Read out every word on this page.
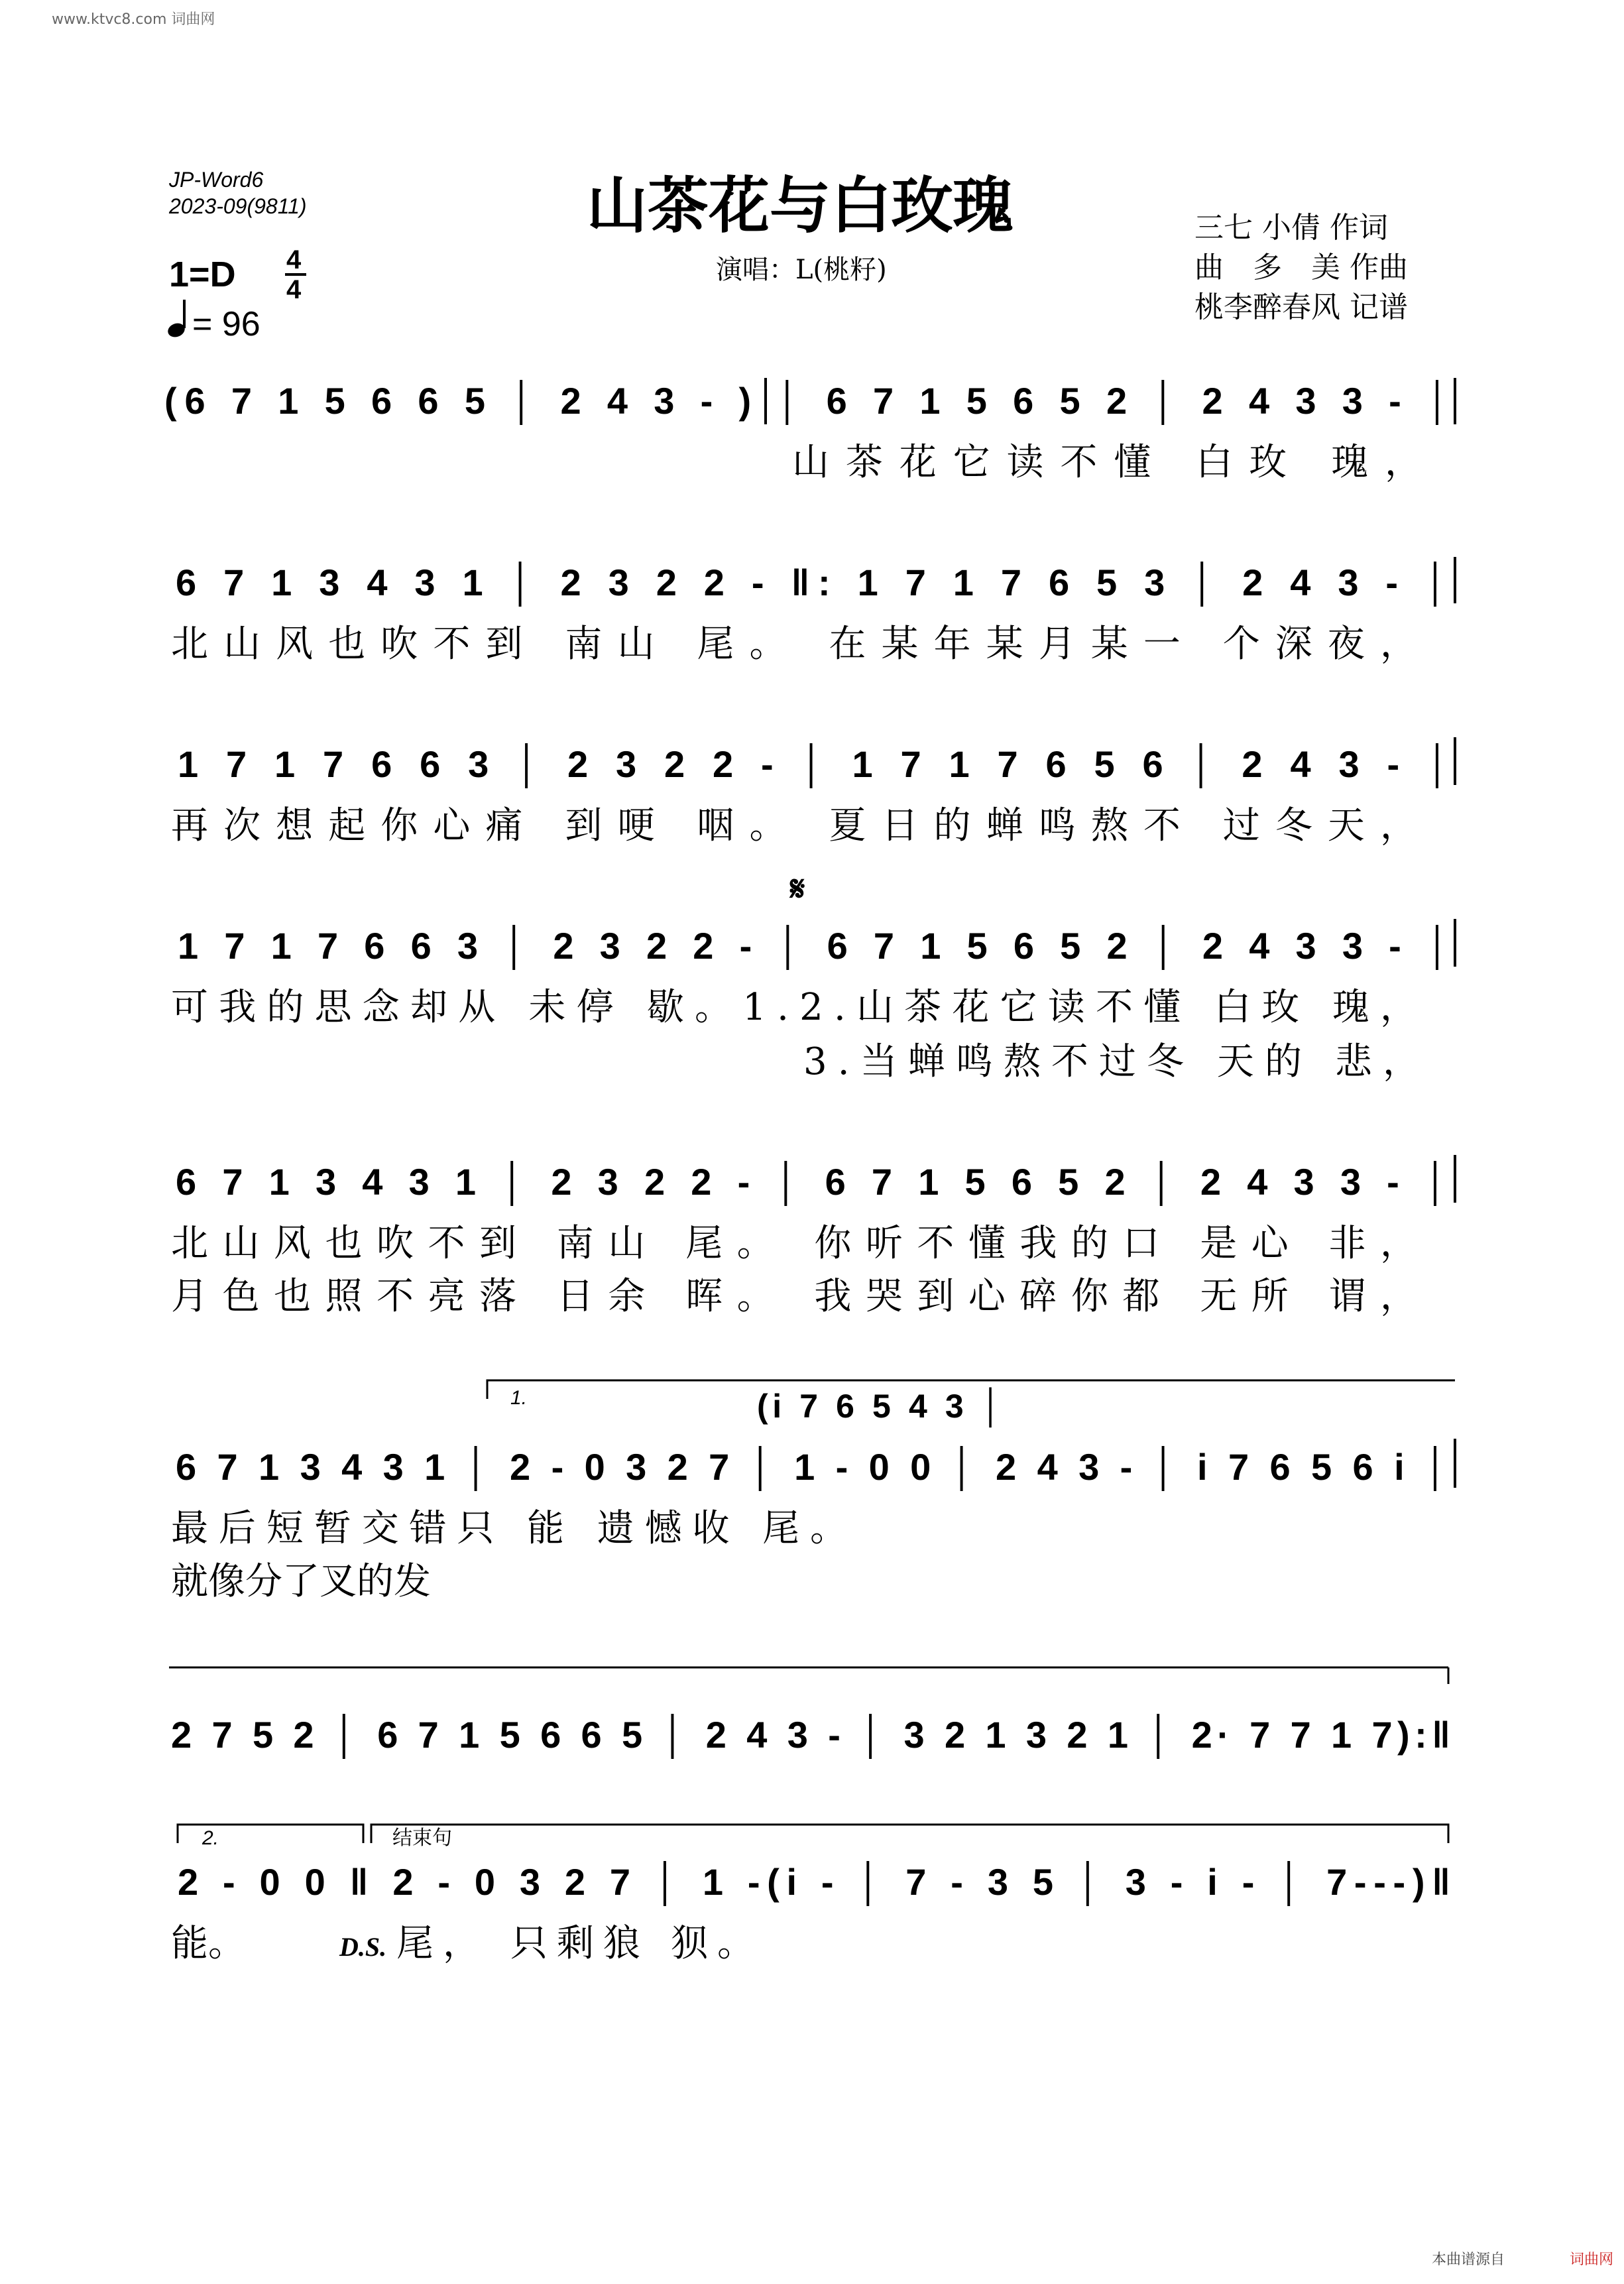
www.ktvc8.com 词曲网
JP-Word6
2023-09(9811)	山茶花与白玫瑰
演唱：L(桃籽)
1=D 4
4
= 96
三七 小倩 作词
曲　多　美 作曲
桃李醉春风 记谱
(6 7 1 5 6 6 5 │ 2 4 3 - ) │ 6 7 1 5 6 5 2 │ 2 4 3 3 - │
山茶花它读不懂 白玫 瑰，
6 7 1 3 4 3 1 │ 2 3 2 2 - ‖: 1 7 1 7 6 5 3 │ 2 4 3 - │
北山风也吹不到 南山 尾。 在某年某月某一 个深夜，
1 7 1 7 6 6 3 │ 2 3 2 2 - │ 1 7 1 7 6 5 6 │ 2 4 3 - │
再次想起你心痛 到哽 咽。 夏日的蝉鸣熬不 过冬天，
𝄋
1 7 1 7 6 6 3 │ 2 3 2 2 - │ 6 7 1 5 6 5 2 │ 2 4 3 3 - │
可我的思念却从 未停 歇。1.2.山茶花它读不懂 白玫 瑰，
3.当蝉鸣熬不过冬 天的 悲，
6 7 1 3 4 3 1 │ 2 3 2 2 - │ 6 7 1 5 6 5 2 │ 2 4 3 3 - │
北山风也吹不到 南山 尾。 你听不懂我的口 是心 非，
月色也照不亮落 日余 晖。 我哭到心碎你都 无所 谓，
1.	(i 7 6 5 4 3 │
6 7 1 3 4 3 1 │ 2 - 0 3 2 7 │ 1 - 0 0 │ 2 4 3 - │ i 7 6 5 6 i │
最后短暂交错只 能 遗憾收 尾。
就像分了叉的发
2 7 5 2 │ 6 7 1 5 6 6 5 │ 2 4 3 - │ 3 2 1 3 2 1 │ 2· 7 7 1 7):‖
2.	结束句
2 - 0 0 ‖ 2 - 0 3 2 7 │ 1 -(i - │ 7 - 3 5 │ 3 - i - │ 7---)‖
能。	D.S. 尾， 只剩狼 狈。
本曲谱源自	词曲网
